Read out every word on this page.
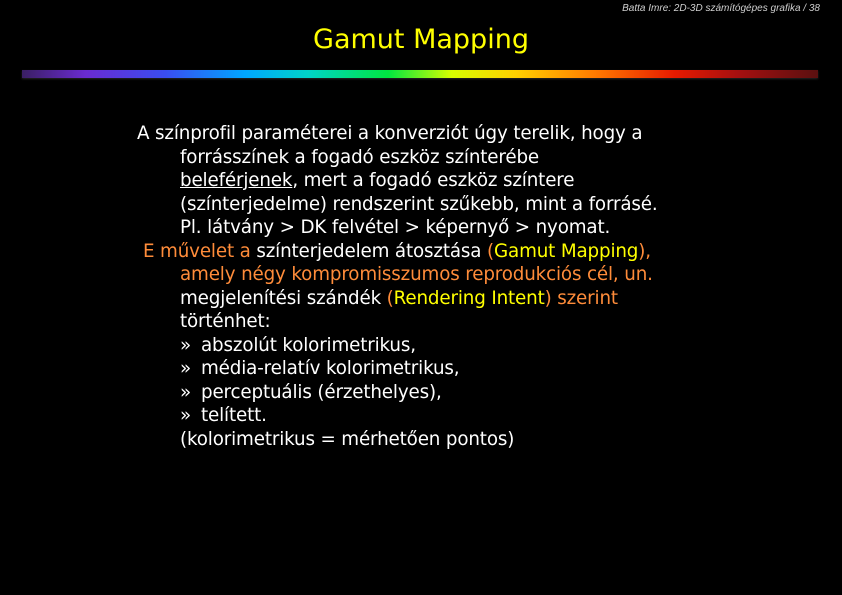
Batta Imre: 2D-3D számítógépes grafika / 38
Gamut Mapping
A színprofil paraméterei a konverziót úgy terelik, hogy a
forrásszínek a fogadó eszköz színterébe
beleférjenek, mert a fogadó eszköz színtere
(színterjedelme) rendszerint szűkebb, mint a forrásé.
Pl. látvány > DK felvétel > képernyő > nyomat.
E művelet a színterjedelem átosztása (Gamut Mapping),
amely négy kompromisszumos reprodukciós cél, un.
megjelenítési szándék (Rendering Intent) szerint
történhet:
» abszolút kolorimetrikus,
» média-relatív kolorimetrikus,
» perceptuális (érzethelyes),
» telített.
(kolorimetrikus = mérhetően pontos)
